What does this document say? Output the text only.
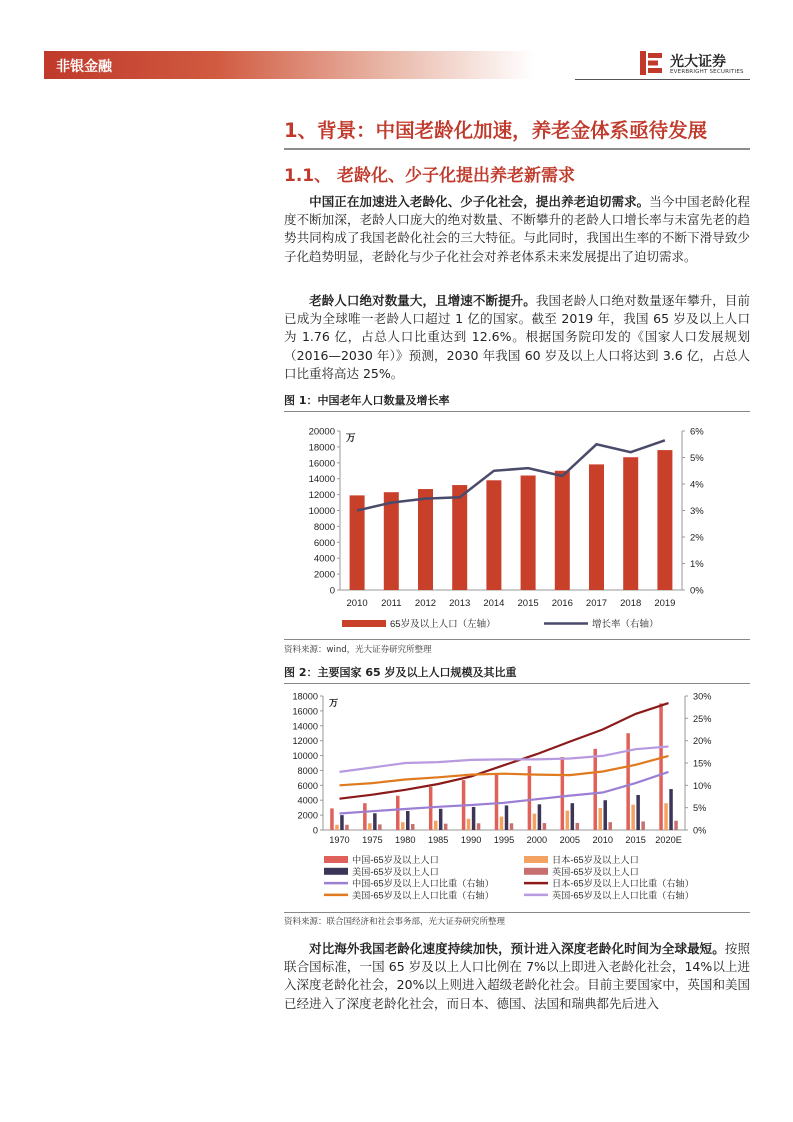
非银金融	光大证券
EVERBRIGHT SECURITIES
1、背景：中国老龄化加速，养老金体系亟待发展
1.1、 老龄化、少子化提出养老新需求

中国正在加速进入老龄化、少子化社会，提出养老迫切需求。当今中国老龄化程度不断加深，老龄人口庞大的绝对数量、不断攀升的老龄人口增长率与未富先老的趋势共同构成了我国老龄化社会的三大特征。与此同时，我国出生率的不断下滑导致少子化趋势明显，老龄化与少子化社会对养老体系未来发展提出了迫切需求。

老龄人口绝对数量大，且增速不断提升。我国老龄人口绝对数量逐年攀升，目前已成为全球唯一老龄人口超过 1 亿的国家。截至 2019 年，我国 65 岁及以上人口为 1.76 亿，占总人口比重达到 12.6%。根据国务院印发的《国家人口发展规划（2016—2030 年）》预测，2030 年我国 60 岁及以上人口将达到 3.6 亿，占总人口比重将高达 25%。

图 1：中国老年人口数量及增长率
0
2000
4000
6000
8000
10000
12000
14000
16000
18000
20000
0%
1%
2%
3%
4%
5%
6%
万
2010 2011 2012 2013 2014 2015 2016 2017 2018 2019
65岁及以上人口（左轴）	增长率（右轴）
资料来源：wind，光大证券研究所整理
图 2：主要国家 65 岁及以上人口规模及其比重
0
2000
4000
6000
8000
10000
12000
14000
16000
18000
0%
5%
10%
15%
20%
25%
30%
万
1970 1975 1980 1985 1990 1995 2000 2005 2010 2015 2020E
中国-65岁及以上人口	日本-65岁及以上人口
美国-65岁及以上人口	英国-65岁及以上人口
中国-65岁及以上人口比重（右轴）	日本-65岁及以上人口比重（右轴）
美国-65岁及以上人口比重（右轴）	英国-65岁及以上人口比重（右轴）
资料来源：联合国经济和社会事务部，光大证券研究所整理

对比海外我国老龄化速度持续加快，预计进入深度老龄化时间为全球最短。按照联合国标准，一国 65 岁及以上人口比例在 7%以上即进入老龄化社会，14%以上进入深度老龄化社会，20%以上则进入超级老龄化社会。目前主要国家中，英国和美国已经进入了深度老龄化社会，而日本、德国、法国和瑞典都先后进入
